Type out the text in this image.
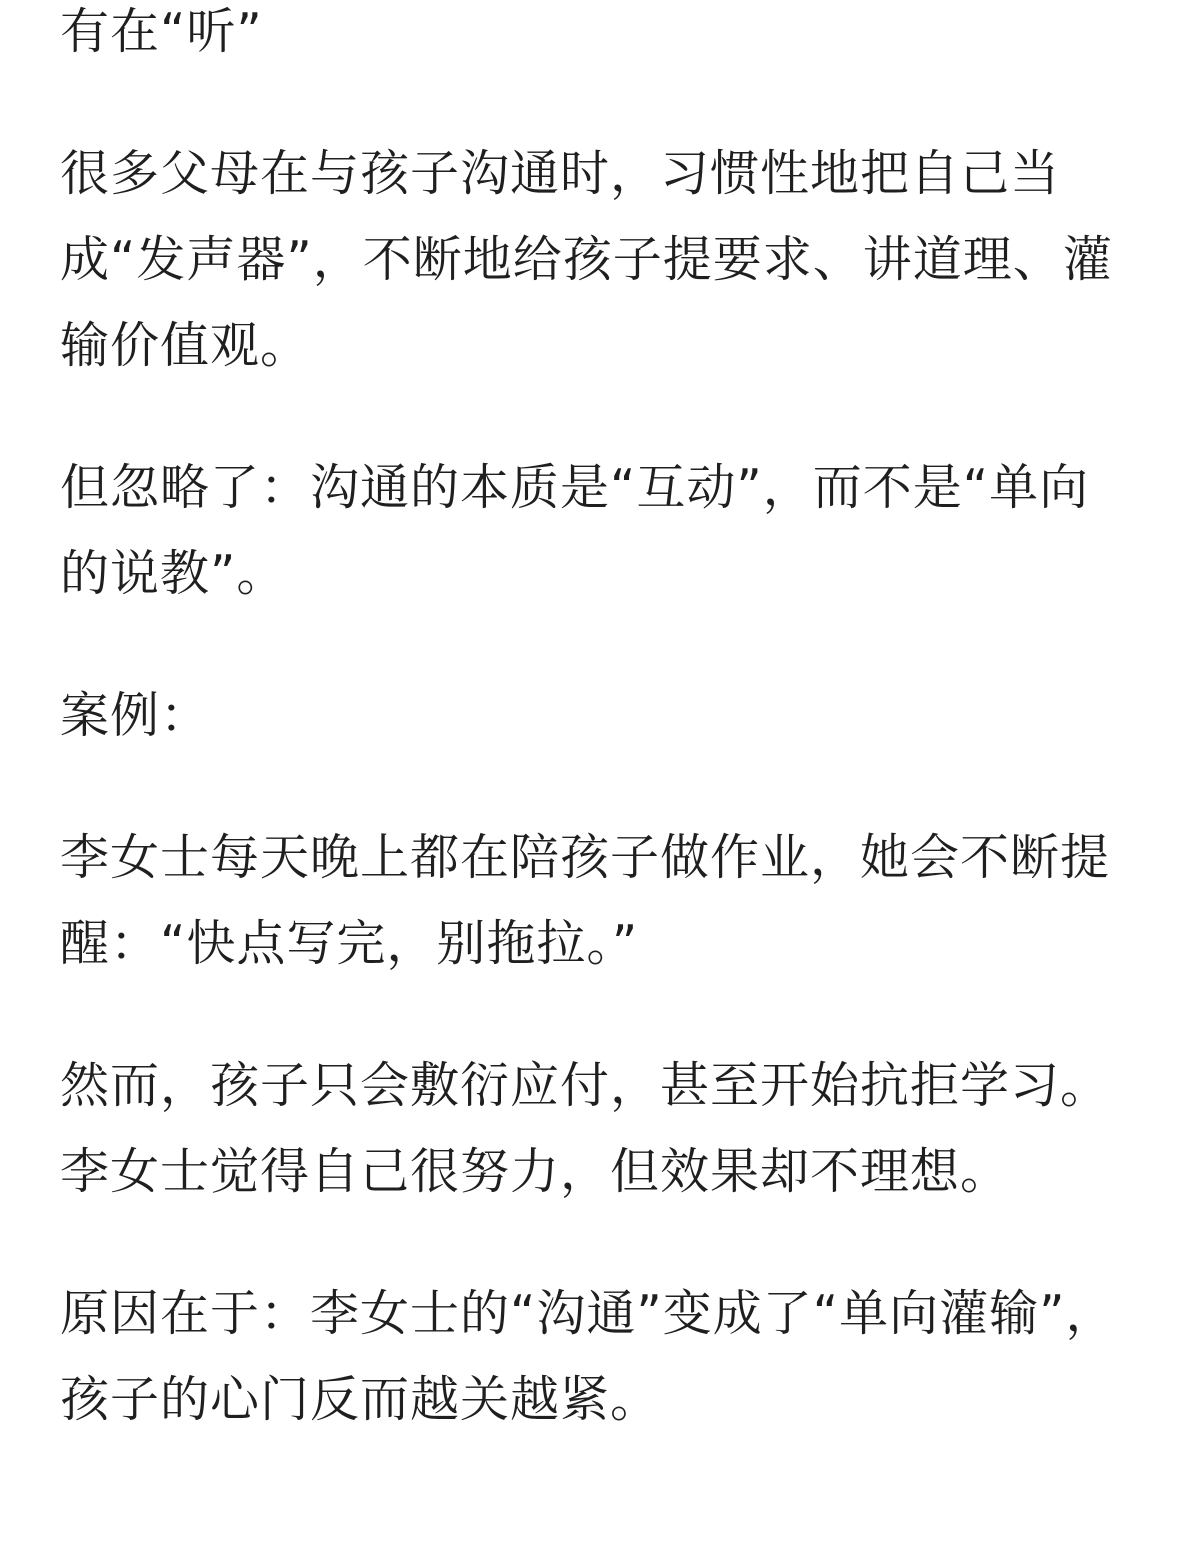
有在“听”

很多父母在与孩子沟通时，习惯性地把自己当成“发声器”，不断地给孩子提要求、讲道理、灌输价值观。

但忽略了：沟通的本质是“互动”，而不是“单向的说教”。

案例：

李女士每天晚上都在陪孩子做作业，她会不断提醒：“快点写完，别拖拉。”

然而，孩子只会敷衍应付，甚至开始抗拒学习。李女士觉得自己很努力，但效果却不理想。

原因在于：李女士的“沟通”变成了“单向灌输”，孩子的心门反而越关越紧。
